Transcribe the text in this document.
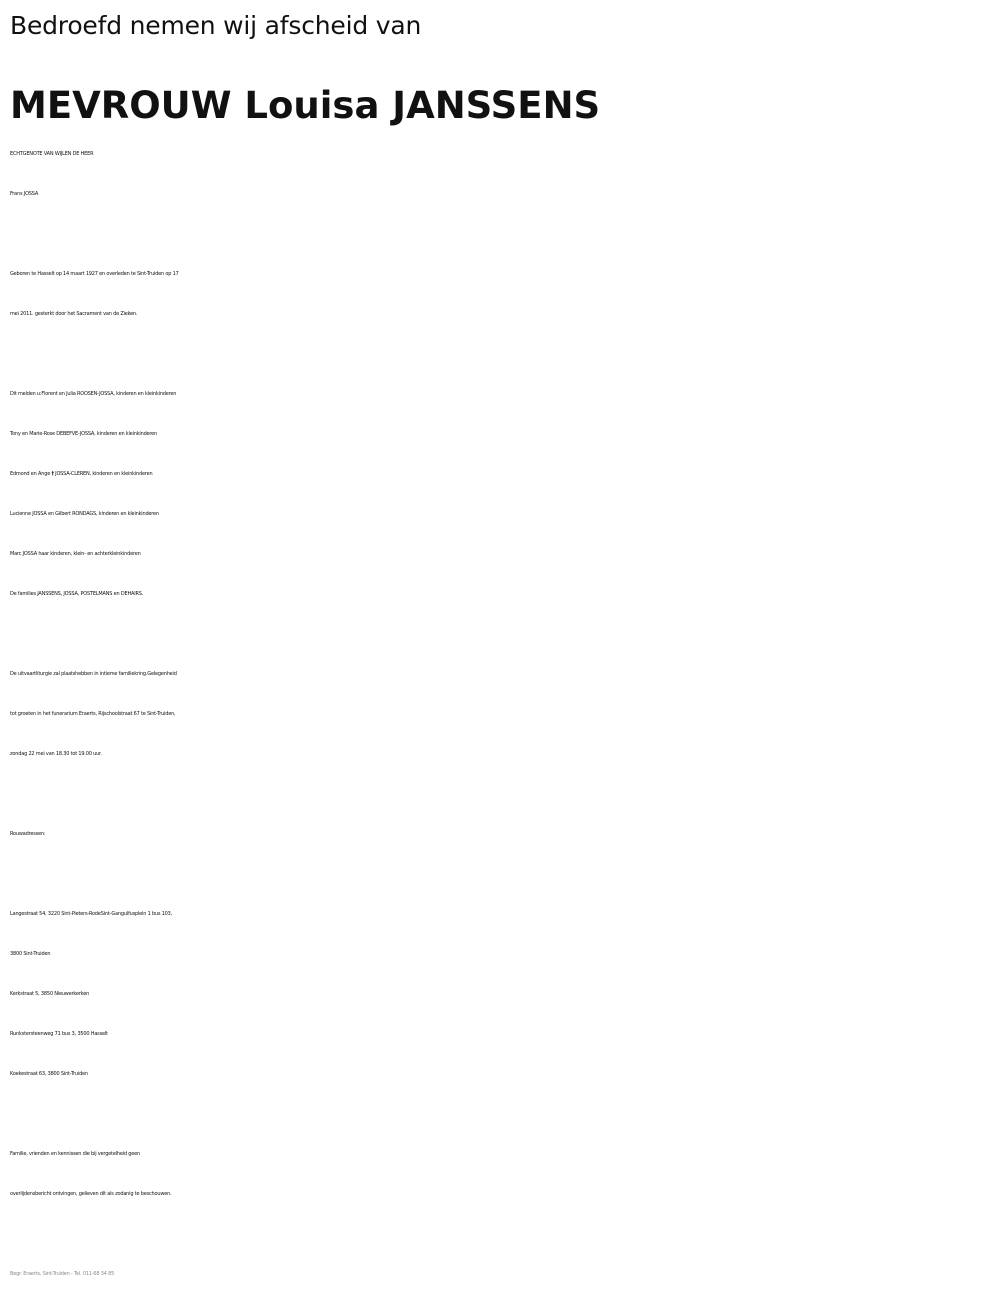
Bedroefd nemen wij afscheid van
MEVROUW Louisa JANSSENS
ECHTGENOTE VAN WIJLEN DE HEER
Frans JOSSA
Geboren te Hasselt op 14 maart 1927 en overleden te Sint-Truiden op 17
mei 2011. gesterkt door het Sacrament van de Zieken.
Dit melden u:Florent en Julia ROOSEN-JOSSA, kinderen en kleinkinderen
Tony en Marie-Rose DEBEFVE-JOSSA, kinderen en kleinkinderen
Edmond en Ange † JOSSA-CLEREN, kinderen en kleinkinderen
Lucienne JOSSA en Gilbert RONDAGS, kinderen en kleinkinderen
Marc JOSSA haar kinderen, klein- en achterkleinkinderen
De families JANSSENS, JOSSA, POSTELMANS en DEHAIRS.
De uitvaartliturgie zal plaatshebben in intieme familiekring.Gelegenheid
tot groeten in het funerarium Eraerts, Rijschoolstraat 67 te Sint-Truiden,
zondag 22 mei van 18.30 tot 19.00 uur.
Rouwadressen:
Langestraat 54, 3220 Sint-Pieters-RodeSint-Gangulfusplein 1 bus 103,
3800 Sint-Truiden
Kerkstraat 5, 3850 Nieuwerkerken
Runkstersteenweg 71 bus 3, 3500 Hasselt
Koekestraat 63, 3800 Sint-Truiden
Familie, vrienden en kennissen die bij vergetelheid geen
overlijdensbericht ontvingen, gelieven dit als zodanig te beschouwen.
Begr. Eraerts, Sint-Truiden - Tel. 011-68 34 85
